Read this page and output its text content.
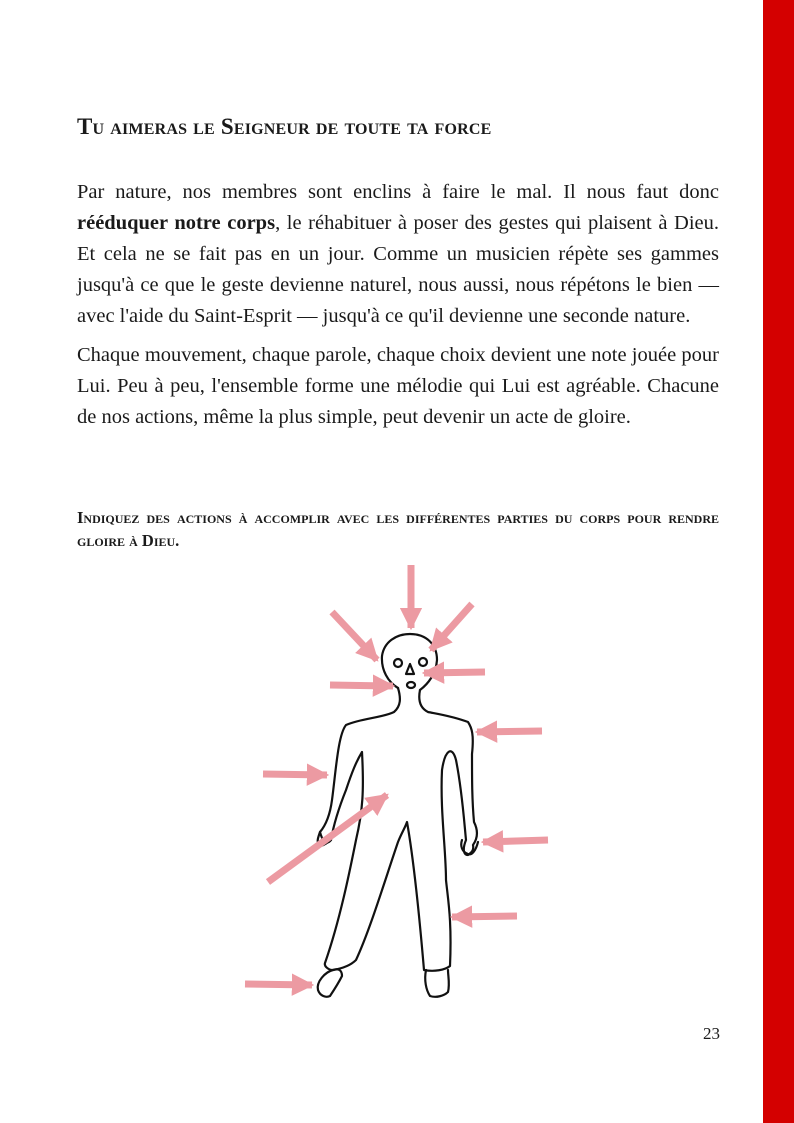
Tu aimeras le Seigneur de toute ta force

Par nature, nos membres sont enclins à faire le mal. Il nous faut donc rééduquer notre corps, le réhabituer à poser des gestes qui plaisent à Dieu. Et cela ne se fait pas en un jour. Comme un musicien répète ses gammes jusqu'à ce que le geste devienne naturel, nous aussi, nous répétons le bien — avec l'aide du Saint-Esprit — jusqu'à ce qu'il devienne une seconde nature.

Chaque mouvement, chaque parole, chaque choix devient une note jouée pour Lui. Peu à peu, l'ensemble forme une mélodie qui Lui est agréable. Chacune de nos actions, même la plus simple, peut devenir un acte de gloire.

Indiquez des actions à accomplir avec les différentes parties du corps pour rendre gloire à Dieu.

23
